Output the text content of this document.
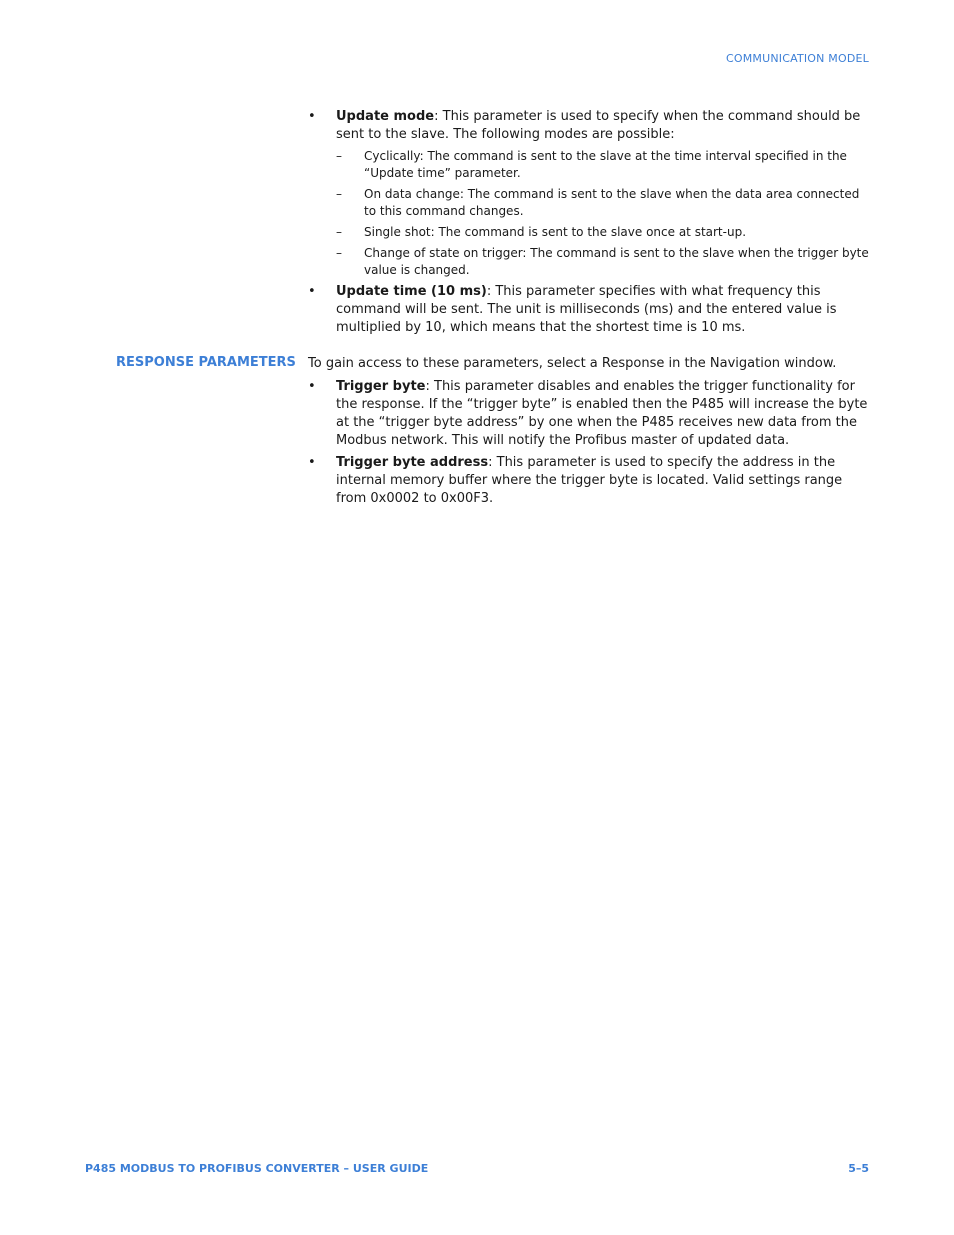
COMMUNICATION MODEL
• Update mode: This parameter is used to specify when the command should be sent to the slave. The following modes are possible:
– Cyclically: The command is sent to the slave at the time interval specified in the “Update time” parameter.
– On data change: The command is sent to the slave when the data area connected to this command changes.
– Single shot: The command is sent to the slave once at start-up.
– Change of state on trigger: The command is sent to the slave when the trigger byte value is changed.
• Update time (10 ms): This parameter specifies with what frequency this command will be sent. The unit is milliseconds (ms) and the entered value is multiplied by 10, which means that the shortest time is 10 ms.
RESPONSE PARAMETERS To gain access to these parameters, select a Response in the Navigation window.
• Trigger byte: This parameter disables and enables the trigger functionality for the response. If the “trigger byte” is enabled then the P485 will increase the byte at the “trigger byte address” by one when the P485 receives new data from the Modbus network. This will notify the Profibus master of updated data.
• Trigger byte address: This parameter is used to specify the address in the internal memory buffer where the trigger byte is located. Valid settings range from 0x0002 to 0x00F3.
P485 MODBUS TO PROFIBUS CONVERTER – USER GUIDE	5–5
